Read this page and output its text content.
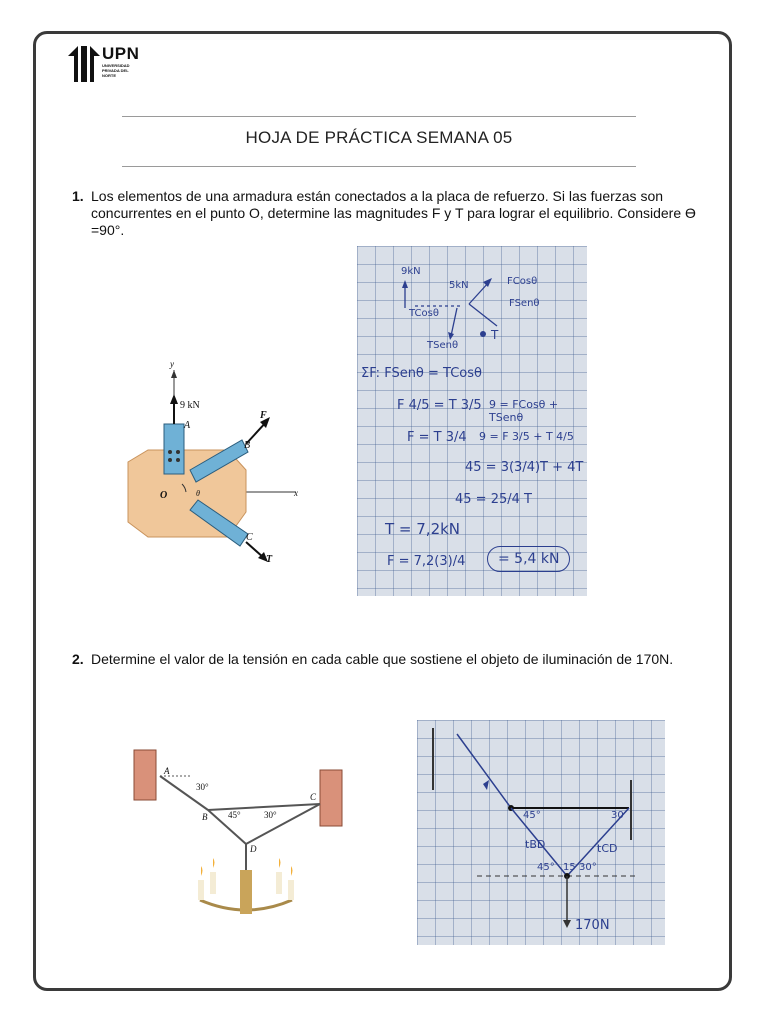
UPN
UNIVERSIDAD PRIVADA DEL NORTE
HOJA DE PRÁCTICA SEMANA 05
1. Los elementos de una armadura están conectados a la placa de refuerzo. Si las fuerzas son concurrentes en el punto O, determine las magnitudes F y T para lograr el equilibrio. Considere ϴ =90°.
9 kN
y
A
F
B
O	θ	x
C
T
9kN
5kN	FCosθ
FSenθ
TCosθ
T
TSenθ
ΣF: FSenθ = TCosθ
F 4/5 = T 3/5 9 = FCosθ + TSenθ
F = T 3/4 9 = F 3/5 + T 4/5
45 = 3(3/4)T + 4T
45 = 25/4 T
T = 7,2kN
F = 7,2(3)/4	= 5,4 kN
2. Determine el valor de la tensión en cada cable que sostiene el objeto de iluminación de 170N.
A
30°
B 45°	30°
C
D
45°	30
tBD	tCD
45° 15 30°
170N
